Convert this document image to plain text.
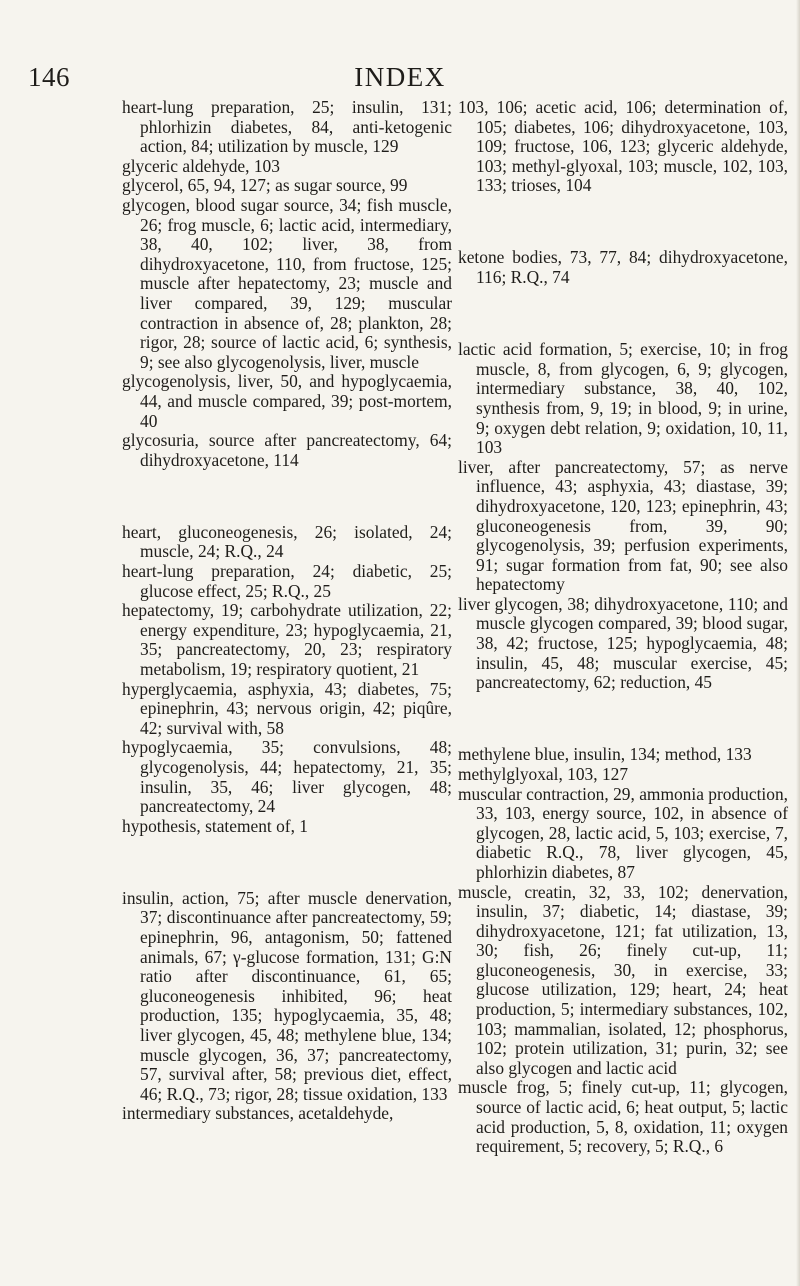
146	INDEX

heart-lung preparation, 25; insulin, 131; phlorhizin diabetes, 84, anti-ketogenic action, 84; utilization by muscle, 129

glyceric aldehyde, 103

glycerol, 65, 94, 127; as sugar source, 99

glycogen, blood sugar source, 34; fish muscle, 26; frog muscle, 6; lactic acid, intermediary, 38, 40, 102; liver, 38, from dihydroxyacetone, 110, from fructose, 125; muscle after hepatectomy, 23; muscle and liver compared, 39, 129; muscular contraction in absence of, 28; plankton, 28; rigor, 28; source of lactic acid, 6; synthesis, 9; see also glycogenolysis, liver, muscle

glycogenolysis, liver, 50, and hypoglycaemia, 44, and muscle compared, 39; post-mortem, 40

glycosuria, source after pancreatectomy, 64; dihydroxyacetone, 114

heart, gluconeogenesis, 26; isolated, 24; muscle, 24; R.Q., 24

heart-lung preparation, 24; diabetic, 25; glucose effect, 25; R.Q., 25

hepatectomy, 19; carbohydrate utilization, 22; energy expenditure, 23; hypoglycaemia, 21, 35; pancreatectomy, 20, 23; respiratory metabolism, 19; respiratory quotient, 21

hyperglycaemia, asphyxia, 43; diabetes, 75; epinephrin, 43; nervous origin, 42; piqûre, 42; survival with, 58

hypoglycaemia, 35; convulsions, 48; glycogenolysis, 44; hepatectomy, 21, 35; insulin, 35, 46; liver glycogen, 48; pancreatectomy, 24

hypothesis, statement of, 1

insulin, action, 75; after muscle denervation, 37; discontinuance after pancreatectomy, 59; epinephrin, 96, antagonism, 50; fattened animals, 67; γ-glucose formation, 131; G:N ratio after discontinuance, 61, 65; gluconeogenesis inhibited, 96; heat production, 135; hypoglycaemia, 35, 48; liver glycogen, 45, 48; methylene blue, 134; muscle glycogen, 36, 37; pancreatectomy, 57, survival after, 58; previous diet, effect, 46; R.Q., 73; rigor, 28; tissue oxidation, 133

intermediary substances, acetaldehyde,

103, 106; acetic acid, 106; determination of, 105; diabetes, 106; dihydroxyacetone, 103, 109; fructose, 106, 123; glyceric aldehyde, 103; methyl-glyoxal, 103; muscle, 102, 103, 133; trioses, 104

ketone bodies, 73, 77, 84; dihydroxyacetone, 116; R.Q., 74

lactic acid formation, 5; exercise, 10; in frog muscle, 8, from glycogen, 6, 9; glycogen, intermediary substance, 38, 40, 102, synthesis from, 9, 19; in blood, 9; in urine, 9; oxygen debt relation, 9; oxidation, 10, 11, 103

liver, after pancreatectomy, 57; as nerve influence, 43; asphyxia, 43; diastase, 39; dihydroxyacetone, 120, 123; epinephrin, 43; gluconeogenesis from, 39, 90; glycogenolysis, 39; perfusion experiments, 91; sugar formation from fat, 90; see also hepatectomy

liver glycogen, 38; dihydroxyacetone, 110; and muscle glycogen compared, 39; blood sugar, 38, 42; fructose, 125; hypoglycaemia, 48; insulin, 45, 48; muscular exercise, 45; pancreatectomy, 62; reduction, 45

methylene blue, insulin, 134; method, 133

methylglyoxal, 103, 127

muscular contraction, 29, ammonia production, 33, 103, energy source, 102, in absence of glycogen, 28, lactic acid, 5, 103; exercise, 7, diabetic R.Q., 78, liver glycogen, 45, phlorhizin diabetes, 87

muscle, creatin, 32, 33, 102; denervation, insulin, 37; diabetic, 14; diastase, 39; dihydroxyacetone, 121; fat utilization, 13, 30; fish, 26; finely cut-up, 11; gluconeogenesis, 30, in exercise, 33; glucose utilization, 129; heart, 24; heat production, 5; intermediary substances, 102, 103; mammalian, isolated, 12; phosphorus, 102; protein utilization, 31; purin, 32; see also glycogen and lactic acid

muscle frog, 5; finely cut-up, 11; glycogen, source of lactic acid, 6; heat output, 5; lactic acid production, 5, 8, oxidation, 11; oxygen requirement, 5; recovery, 5; R.Q., 6
